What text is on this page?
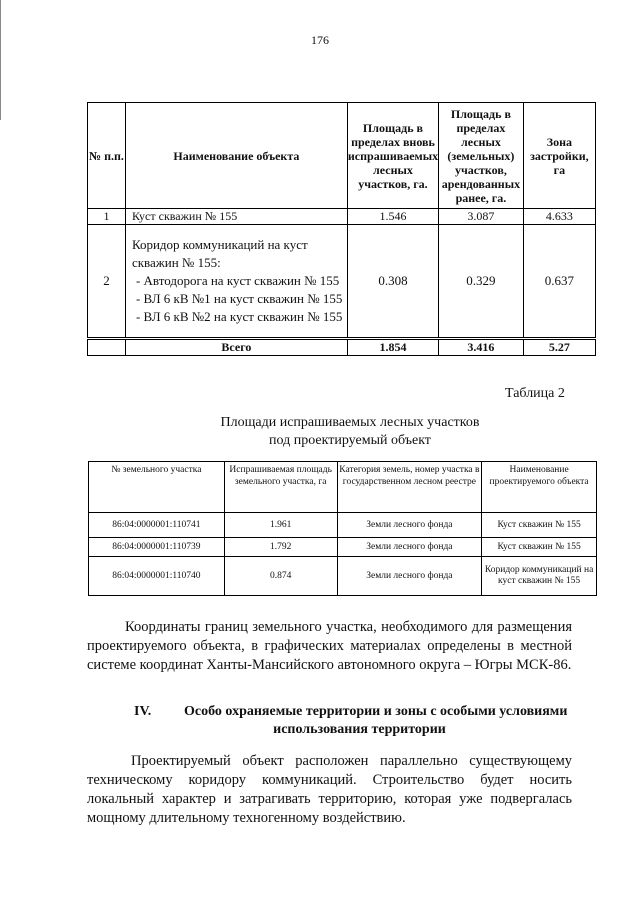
176
№ п.п.	Наименование объекта	Площадь в пределах вновь испрашиваемых лесных участков, га.	Площадь в пределах лесных (земельных) участков, арендованных ранее, га.	Зона застройки, га
1	Куст скважин № 155	1.546	3.087	4.633
2	Коридор коммуникаций на куст скважин № 155:
- Автодорога на куст скважин № 155
- ВЛ 6 кВ №1 на куст скважин № 155
- ВЛ 6 кВ №2 на куст скважин № 155	0.308	0.329	0.637
	Всего	1.854	3.416	5.27
Таблица 2
Площади испрашиваемых лесных участков
под проектируемый объект
№ земельного участка	Испрашиваемая площадь земельного участка, га	Категория земель, номер участка в государственном лесном реестре	Наименование проектируемого объекта
86:04:0000001:110741	1.961	Земли лесного фонда	Куст скважин № 155
86:04:0000001:110739	1.792	Земли лесного фонда	Куст скважин № 155
86:04:0000001:110740	0.874	Земли лесного фонда	Коридор коммуникаций на куст скважин № 155
Координаты границ земельного участка, необходимого для размещения проектируемого объекта, в графических материалах определены в местной системе координат Ханты-Мансийского автономного округа – Югры МСК-86.
IV.	Особо охраняемые территории и зоны с особыми условиями
использования территории
Проектируемый объект расположен параллельно существующему техническому коридору коммуникаций. Строительство будет носить локальный характер и затрагивать территорию, которая уже подвергалась мощному длительному техногенному воздействию.
